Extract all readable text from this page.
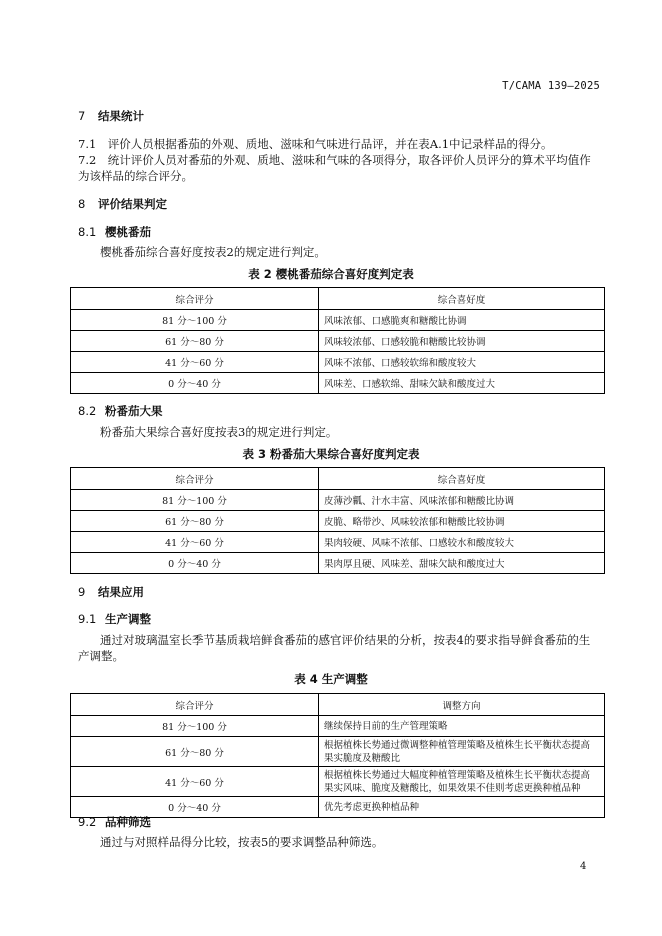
T/CAMA 139—2025
7 结果统计
7.1　评价人员根据番茄的外观、质地、滋味和气味进行品评，并在表A.1中记录样品的得分。
7.2　统计评价人员对番茄的外观、质地、滋味和气味的各项得分，取各评价人员评分的算术平均值作为该样品的综合评分。
8 评价结果判定
8.1 樱桃番茄
樱桃番茄综合喜好度按表2的规定进行判定。
表 2 樱桃番茄综合喜好度判定表
综合评分	综合喜好度
81 分～100 分	风味浓郁、口感脆爽和糖酸比协调
61 分～80 分	风味较浓郁、口感较脆和糖酸比较协调
41 分～60 分	风味不浓郁、口感较软绵和酸度较大
0 分～40 分	风味差、口感软绵、甜味欠缺和酸度过大
8.2 粉番茄大果
粉番茄大果综合喜好度按表3的规定进行判定。
表 3 粉番茄大果综合喜好度判定表
综合评分	综合喜好度
81 分～100 分	皮薄沙瓤、汁水丰富、风味浓郁和糖酸比协调
61 分～80 分	皮脆、略带沙、风味较浓郁和糖酸比较协调
41 分～60 分	果肉较硬、风味不浓郁、口感较水和酸度较大
0 分～40 分	果肉厚且硬、风味差、甜味欠缺和酸度过大
9 结果应用
9.1 生产调整
通过对玻璃温室长季节基质栽培鲜食番茄的感官评价结果的分析，按表4的要求指导鲜食番茄的生产调整。
表 4 生产调整
综合评分	调整方向
81 分～100 分	继续保持目前的生产管理策略
61 分～80 分	根据植株长势通过微调整种植管理策略及植株生长平衡状态提高果实脆度及糖酸比
41 分～60 分	根据植株长势通过大幅度种植管理策略及植株生长平衡状态提高果实风味、脆度及糖酸比，如果效果不佳则考虑更换种植品种
0 分～40 分	优先考虑更换种植品种
9.2 品种筛选
通过与对照样品得分比较，按表5的要求调整品种筛选。
4
